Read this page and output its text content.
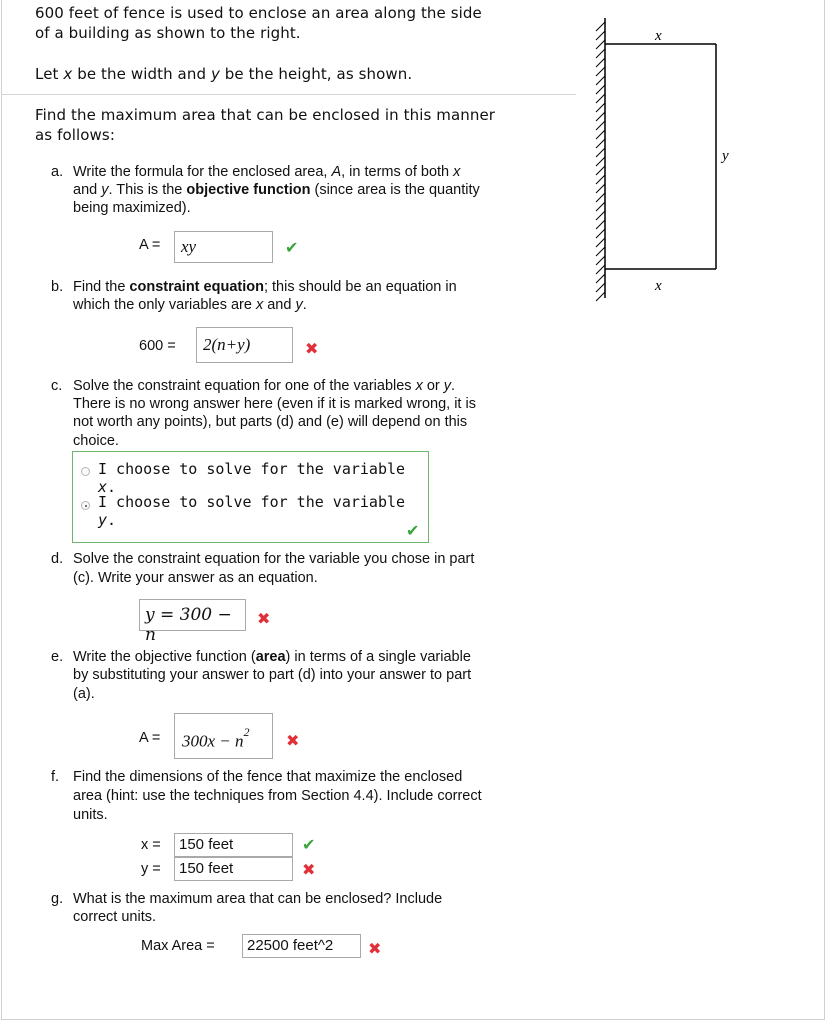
600 feet of fence is used to enclose an area along the side
of a building as shown to the right.
Let x be the width and y be the height, as shown.
Find the maximum area that can be enclosed in this manner
as follows:
x
x
y
a. Write the formula for the enclosed area, A, in terms of both x
and y. This is the objective function (since area is the quantity
being maximized).
A = xy	✔
b. Find the constraint equation; this should be an equation in
which the only variables are x and y.
600 = 2(n+y)	✖
c. Solve the constraint equation for one of the variables x or y.
There is no wrong answer here (even if it is marked wrong, it is
not worth any points), but parts (d) and (e) will depend on this
choice.
I choose to solve for the variable x.
I choose to solve for the variable y.
✔
d. Solve the constraint equation for the variable you chose in part
(c). Write your answer as an equation.
y = 300 − n
✖
e. Write the objective function (area) in terms of a single variable
by substituting your answer to part (d) into your answer to part
(a).
$A = 300x - n^2$ ✖
f. Find the dimensions of the fence that maximize the enclosed
area (hint: use the techniques from Section 4.4). Include correct
units.
x = 150 feet	✔
y = 150 feet	✖
g. What is the maximum area that can be enclosed? Include
correct units.
Max Area = 22500 feet^2 ✖
